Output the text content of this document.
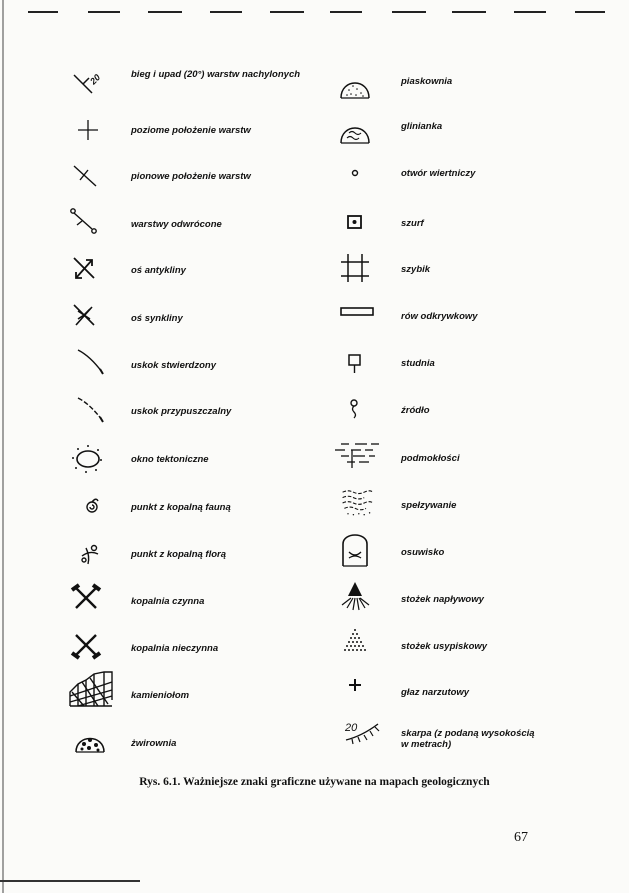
20	bieg i upad (20°) warstw nachylonych
poziome położenie warstw
pionowe położenie warstw
warstwy odwrócone
oś antykliny
oś synkliny
uskok stwierdzony
uskok przypuszczalny
okno tektoniczne
punkt z kopalną fauną
punkt z kopalną florą
kopalnia czynna
kopalnia nieczynna
kamieniołom
żwirownia
piaskownia
glinianka
otwór wiertniczy
szurf
szybik
rów odkrywkowy
studnia
źródło
podmokłości
spełzywanie
osuwisko
stożek napływowy
stożek usypiskowy
głaz narzutowy
20	skarpa (z podaną wysokością w metrach)
Rys. 6.1. Ważniejsze znaki graficzne używane na mapach geologicznych
67
